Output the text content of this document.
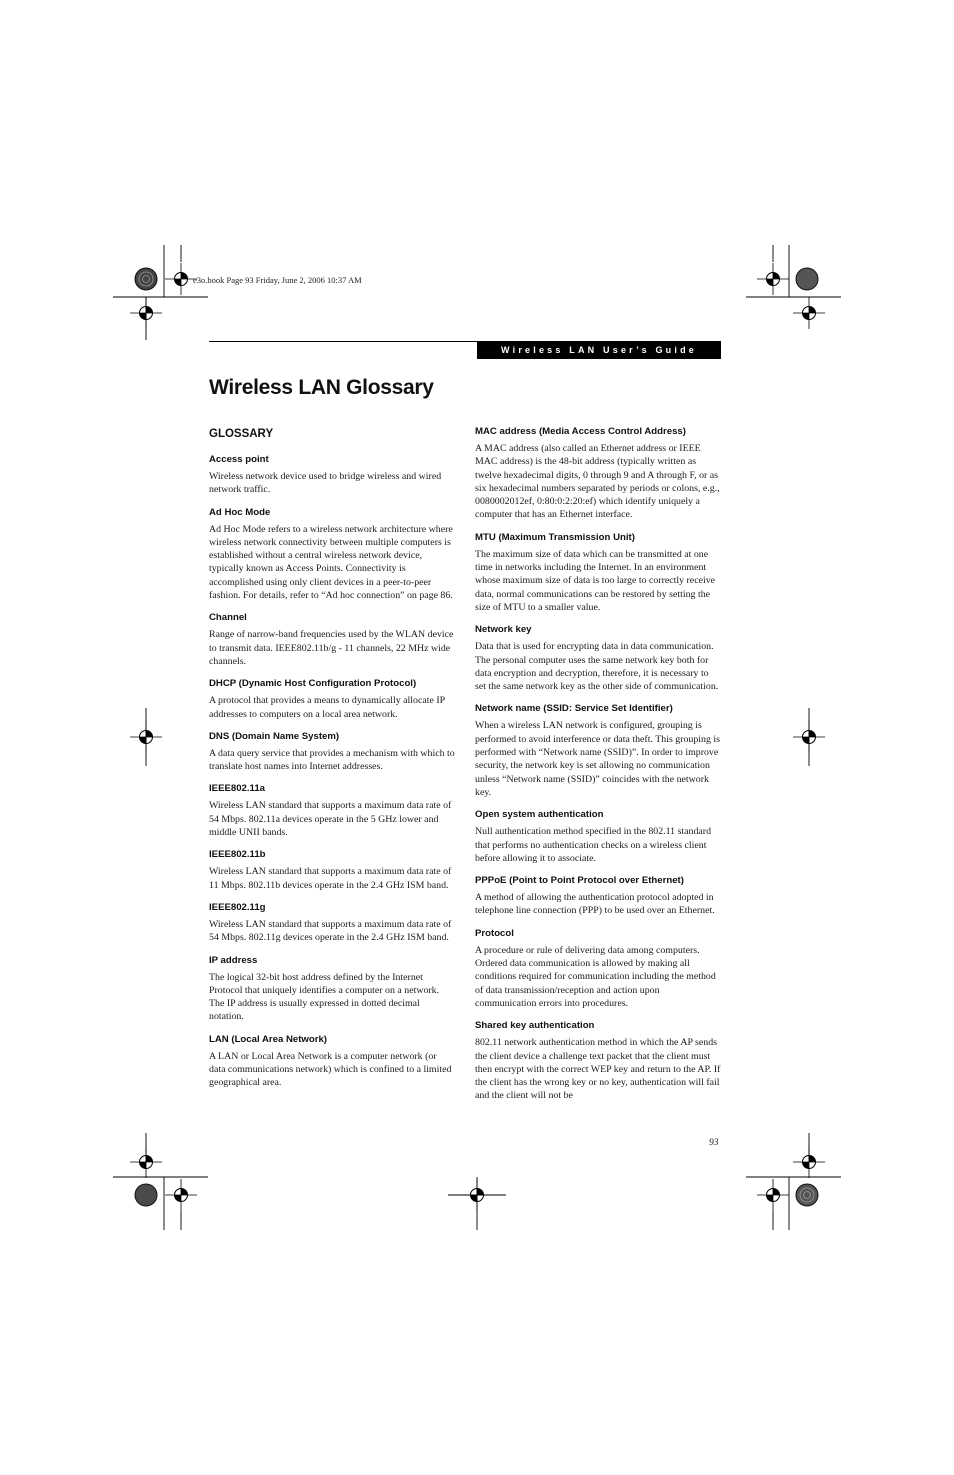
e3o.book Page 93 Friday, June 2, 2006 10:37 AM
Wireless LAN User’s Guide
Wireless LAN Glossary
GLOSSARY
Access point

Wireless network device used to bridge wireless and wired network traffic.

Ad Hoc Mode

Ad Hoc Mode refers to a wireless network architecture where wireless network connectivity between multiple computers is established without a central wireless network device, typically known as Access Points. Connectivity is accomplished using only client devices in a peer-to-peer fashion. For details, refer to “Ad hoc connection” on page 86.

Channel

Range of narrow-band frequencies used by the WLAN device to transmit data. IEEE802.11b/g - 11 channels, 22 MHz wide channels.

DHCP (Dynamic Host Configuration Protocol)

A protocol that provides a means to dynamically allocate IP addresses to computers on a local area network.

DNS (Domain Name System)

A data query service that provides a mechanism with which to translate host names into Internet addresses.

IEEE802.11a

Wireless LAN standard that supports a maximum data rate of 54 Mbps. 802.11a devices operate in the 5 GHz lower and middle UNII bands.

IEEE802.11b

Wireless LAN standard that supports a maximum data rate of 11 Mbps. 802.11b devices operate in the 2.4 GHz ISM band.

IEEE802.11g

Wireless LAN standard that supports a maximum data rate of 54 Mbps. 802.11g devices operate in the 2.4 GHz ISM band.

IP address

The logical 32-bit host address defined by the Internet Protocol that uniquely identifies a computer on a network. The IP address is usually expressed in dotted decimal notation.

LAN (Local Area Network)

A LAN or Local Area Network is a computer network (or data communications network) which is confined to a limited geographical area.

MAC address (Media Access Control Address)

A MAC address (also called an Ethernet address or IEEE MAC address) is the 48-bit address (typically written as twelve hexadecimal digits, 0 through 9 and A through F, or as six hexadecimal numbers separated by periods or colons, e.g., 0080002012ef, 0:80:0:2:20:ef) which identify uniquely a computer that has an Ethernet interface.

MTU (Maximum Transmission Unit)

The maximum size of data which can be transmitted at one time in networks including the Internet. In an environment whose maximum size of data is too large to correctly receive data, normal communications can be restored by setting the size of MTU to a smaller value.

Network key

Data that is used for encrypting data in data communication. The personal computer uses the same network key both for data encryption and decryption, therefore, it is necessary to set the same network key as the other side of communication.

Network name (SSID: Service Set Identifier)

When a wireless LAN network is configured, grouping is performed to avoid interference or data theft. This grouping is performed with “Network name (SSID)”. In order to improve security, the network key is set allowing no communication unless “Network name (SSID)” coincides with the network key.

Open system authentication

Null authentication method specified in the 802.11 standard that performs no authentication checks on a wireless client before allowing it to associate.

PPPoE (Point to Point Protocol over Ethernet)

A method of allowing the authentication protocol adopted in telephone line connection (PPP) to be used over an Ethernet.

Protocol

A procedure or rule of delivering data among computers. Ordered data communication is allowed by making all conditions required for communication including the method of data transmission/reception and action upon communication errors into procedures.

Shared key authentication

802.11 network authentication method in which the AP sends the client device a challenge text packet that the client must then encrypt with the correct WEP key and return to the AP. If the client has the wrong key or no key, authentication will fail and the client will not be

93
